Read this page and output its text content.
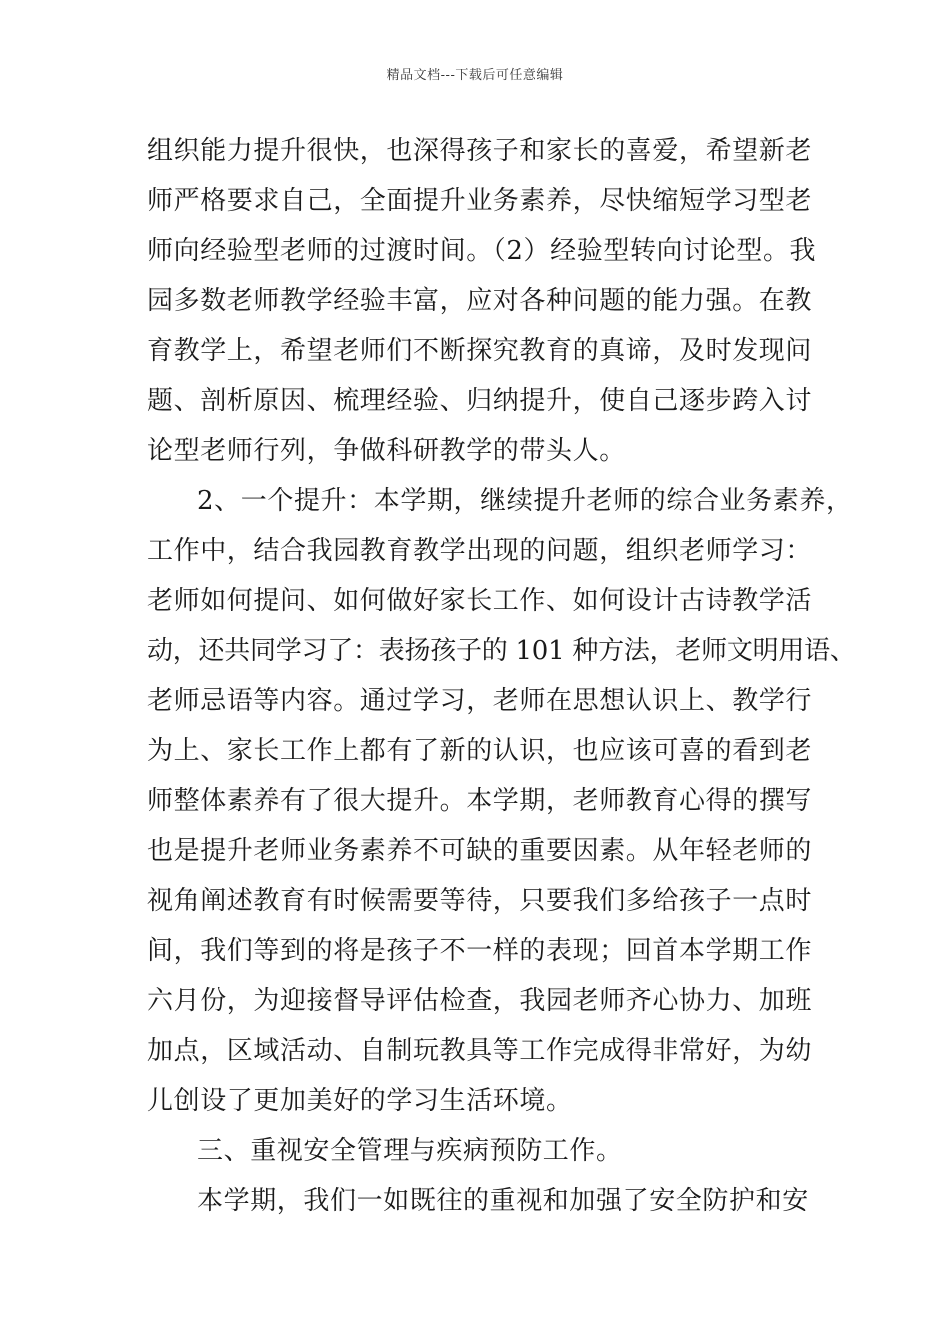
精品文档---下载后可任意编辑
组织能力提升很快，也深得孩子和家长的喜爱，希望新老
师严格要求自己，全面提升业务素养，尽快缩短学习型老
师向经验型老师的过渡时间。（2）经验型转向讨论型。我
园多数老师教学经验丰富，应对各种问题的能力强。在教
育教学上，希望老师们不断探究教育的真谛，及时发现问
题、剖析原因、梳理经验、归纳提升，使自己逐步跨入讨
论型老师行列，争做科研教学的带头人。
2、一个提升：本学期，继续提升老师的综合业务素养，
工作中，结合我园教育教学出现的问题，组织老师学习：
老师如何提问、如何做好家长工作、如何设计古诗教学活
动，还共同学习了：表扬孩子的 101 种方法，老师文明用语、
老师忌语等内容。通过学习，老师在思想认识上、教学行
为上、家长工作上都有了新的认识，也应该可喜的看到老
师整体素养有了很大提升。本学期，老师教育心得的撰写
也是提升老师业务素养不可缺的重要因素。从年轻老师的
视角阐述教育有时候需要等待，只要我们多给孩子一点时
间，我们等到的将是孩子不一样的表现；回首本学期工作
六月份，为迎接督导评估检查，我园老师齐心协力、加班
加点，区域活动、自制玩教具等工作完成得非常好，为幼
儿创设了更加美好的学习生活环境。
三、重视安全管理与疾病预防工作。
本学期，我们一如既往的重视和加强了安全防护和安
